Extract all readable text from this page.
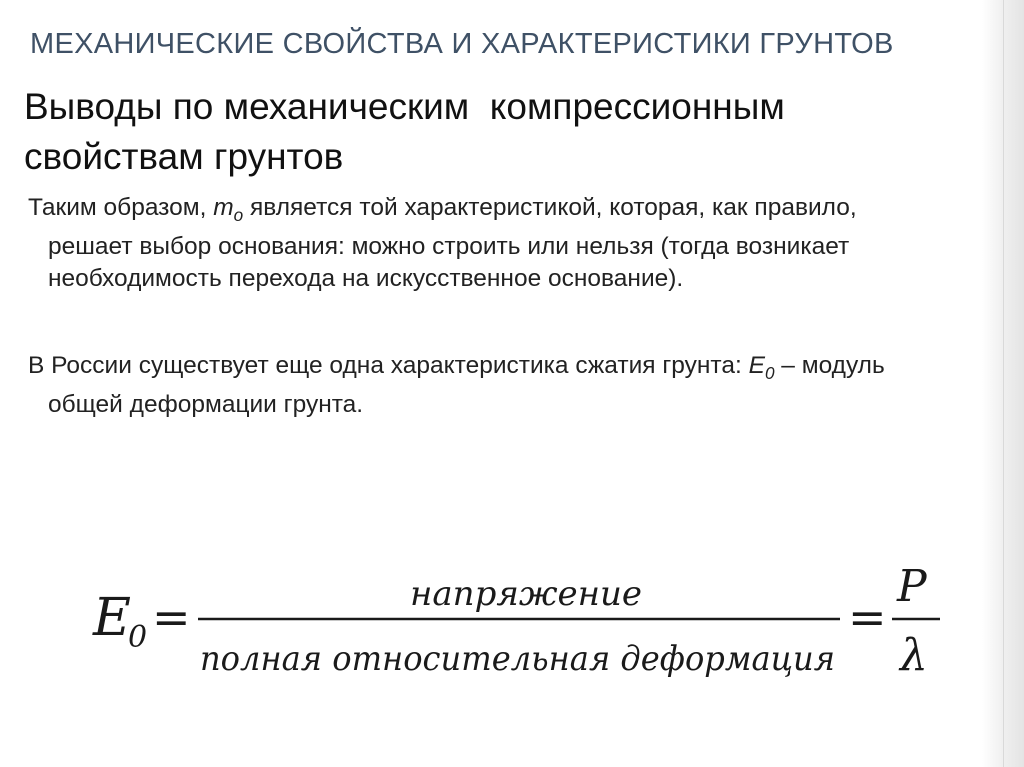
МЕХАНИЧЕСКИЕ СВОЙСТВА И ХАРАКТЕРИСТИКИ ГРУНТОВ
Выводы по механическим  компрессионным
свойствам грунтов
Таким образом, $m_o$ является той характеристикой, которая, как правило,
решает выбор основания: можно строить или нельзя (тогда возникает
необходимость перехода на искусственное основание).
В России существует еще одна характеристика сжатия грунта: $E_0$ – модуль
общей деформации грунта.
E
0 =	напряжение
полная относительная деформация
=
P
λ
